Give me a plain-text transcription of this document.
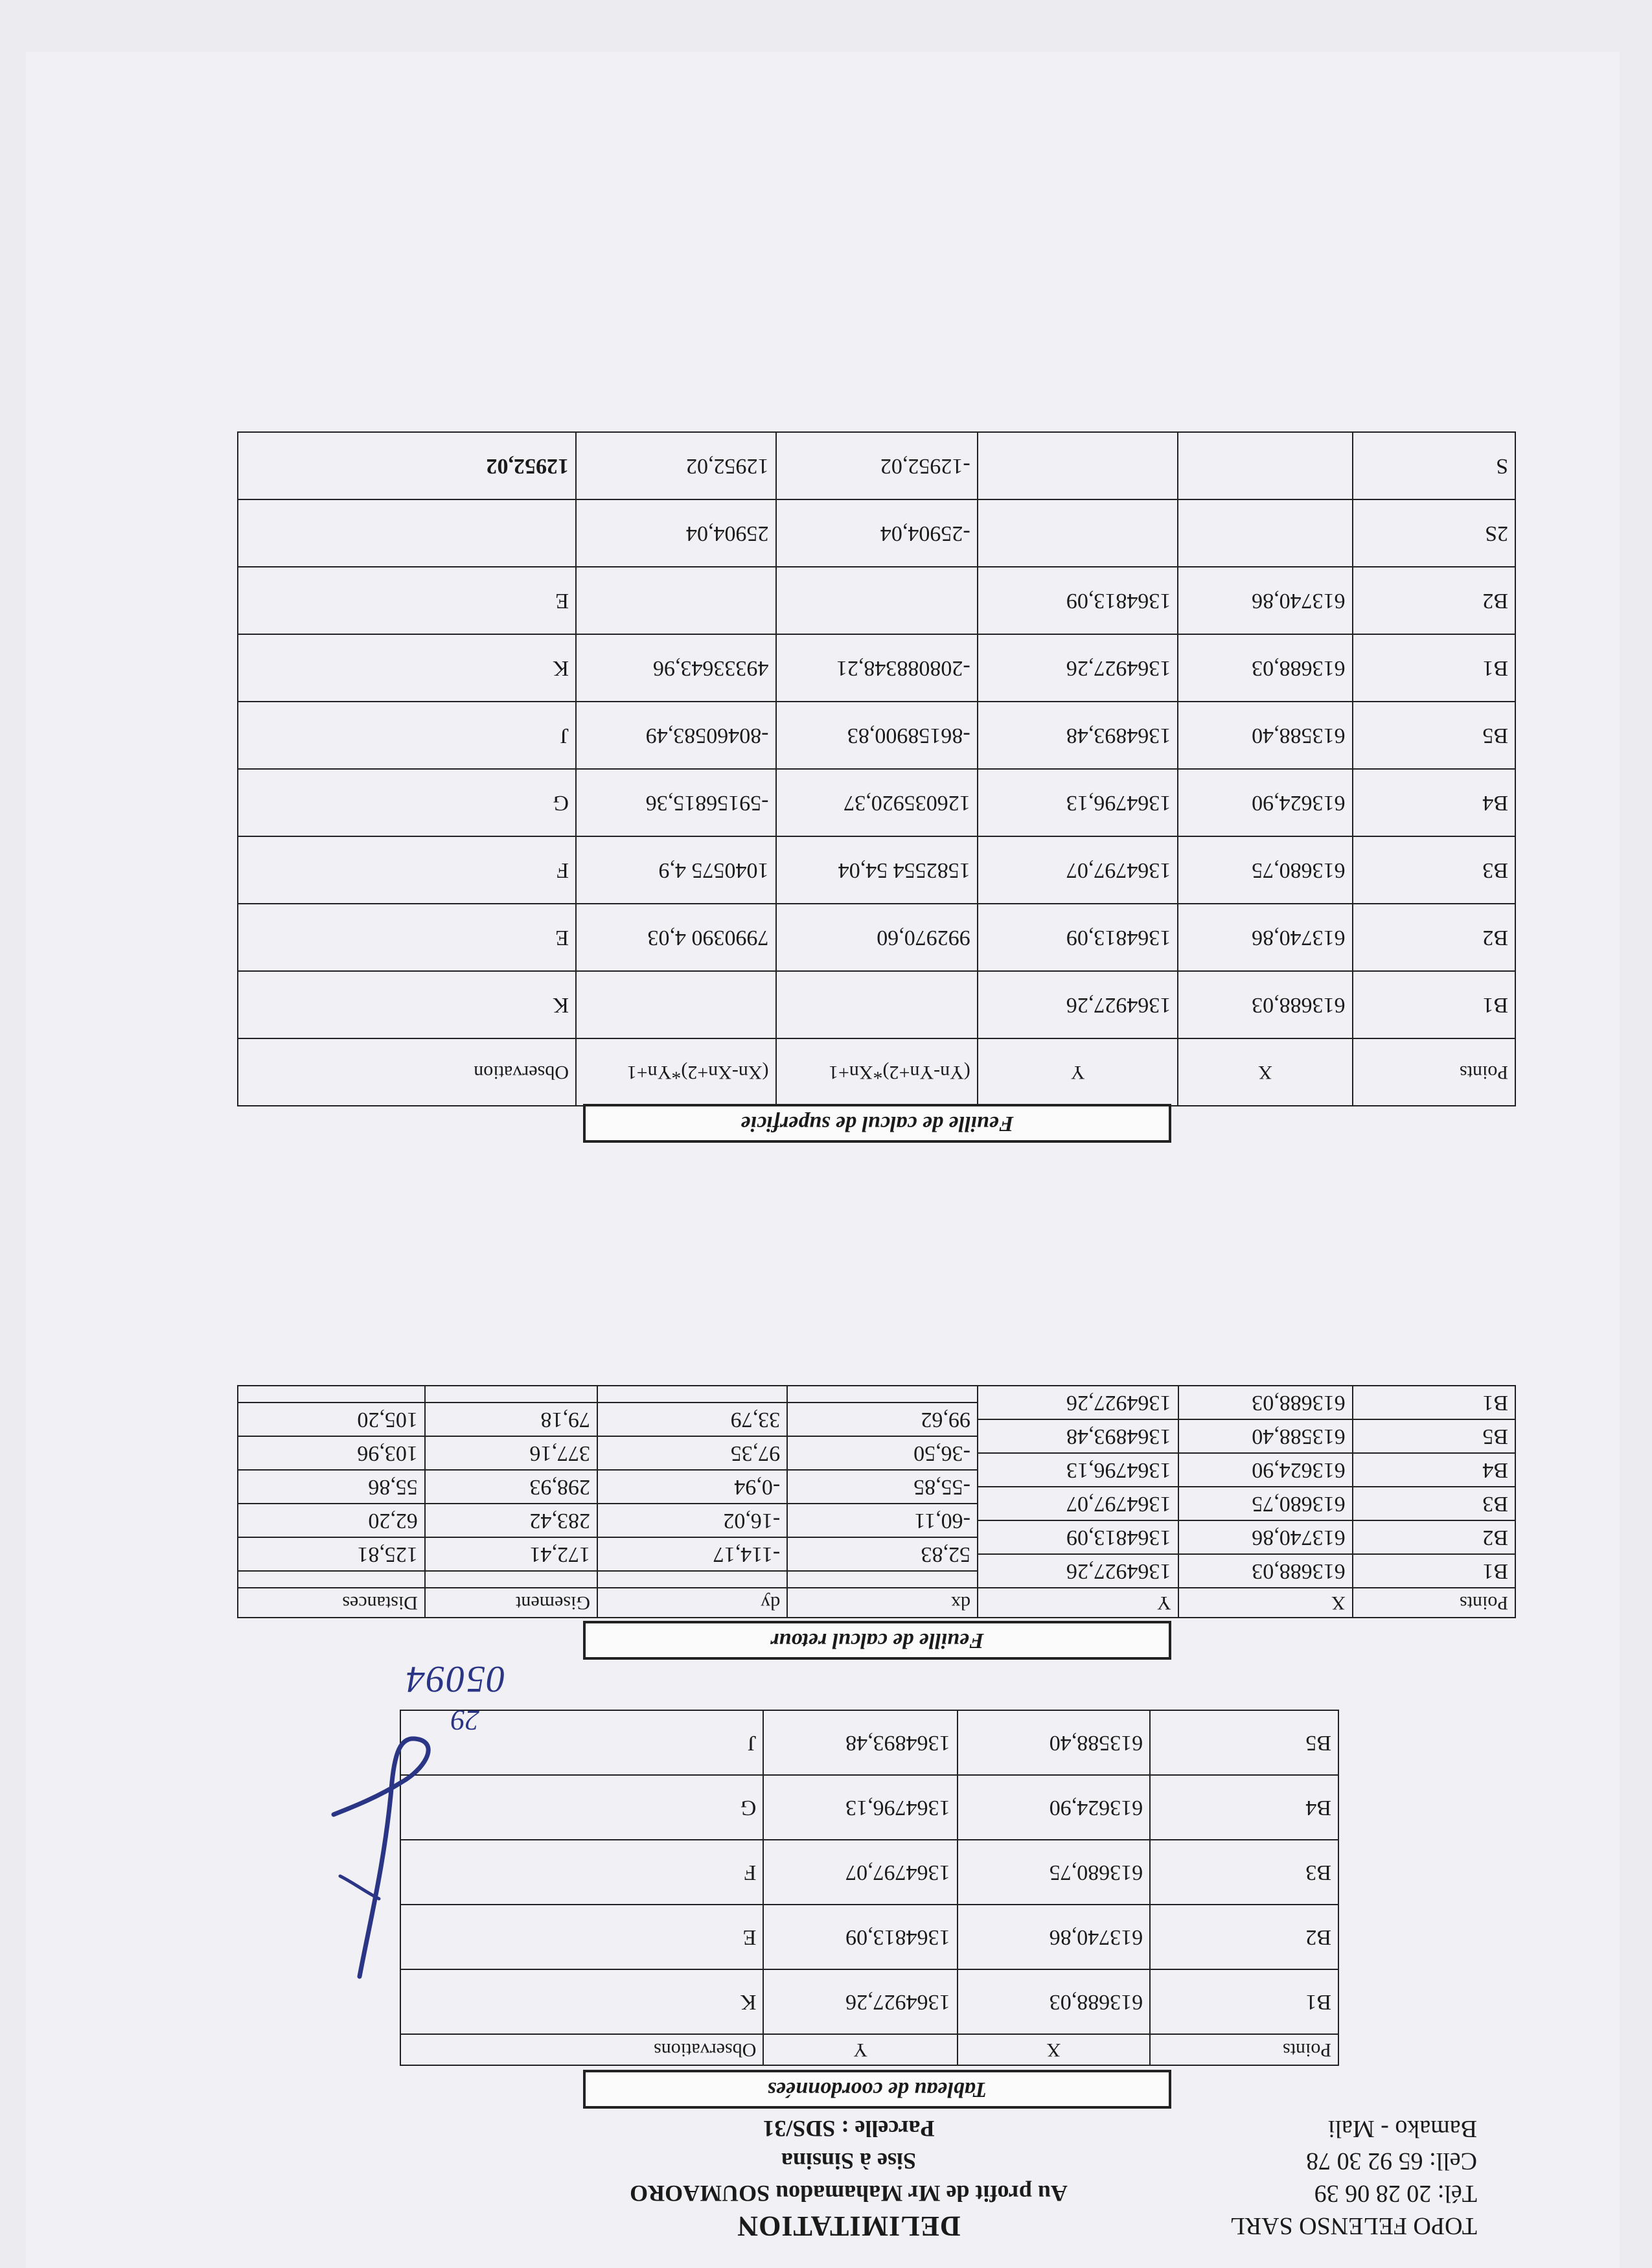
TOPO FELENSO SARL
Tél: 20 28 06 39
Cell: 65 92 30 78
Bamako - Mali
DELIMITATION
Au profit de Mr Mahamadou SOUMAORO
Sise à Sinsina
Parcelle : SDS/31
Tableau de coordonnées
Points	X	Y	Observations
B1	613688,03	1364927,26	K
B2	613740,86	1364813,09	E
B3	613680,75	1364797,07	F
B4	613624,90	1364796,13	G
B5	613588,40	1364893,48	J
29
05094
Feuille de calcul retour
Points	X	Y	dx	dy	Gisement	Distances
B1	613688,03	1364927,26				
			52,83	-114,17	172,41	125,81
B2	613740,86	1364813,09				
			-60,11	-16,02	283,42	62,20
B3	613680,75	1364797,07				
			-55,85	-0,94	298,93	55,86
B4	613624,90	1364796,13				
			-36,50	97,35	377,16	103,96
B5	613588,40	1364893,48				
			99,62	33,79	79,18	105,20
B1	613688,03	1364927,26				

Feuille de calcul de superficie
Points	X	Y	(Yn-Yn+2)*Xn+1	(Xn-Xn+2)*Yn+1	Observation
B1	613688,03	1364927,26			K
B2	613740,86	1364813,09	992970,60	7990390 4,03	E
B3	613680,75	1364797,07	1582554 54,04	1040575 4,9	F
B4	613624,90	1364796,13	126035920,37	-59156815,36	G
B5	613588,40	1364893,48	-86158900,83	-80460583,49	J
B1	613688,03	1364927,26	-208088348,21	49333643,96	K
B2	613740,86	1364813,09			E
2S			-25904,04	25904,04	
S			-12952,02	12952,02	12952,02
